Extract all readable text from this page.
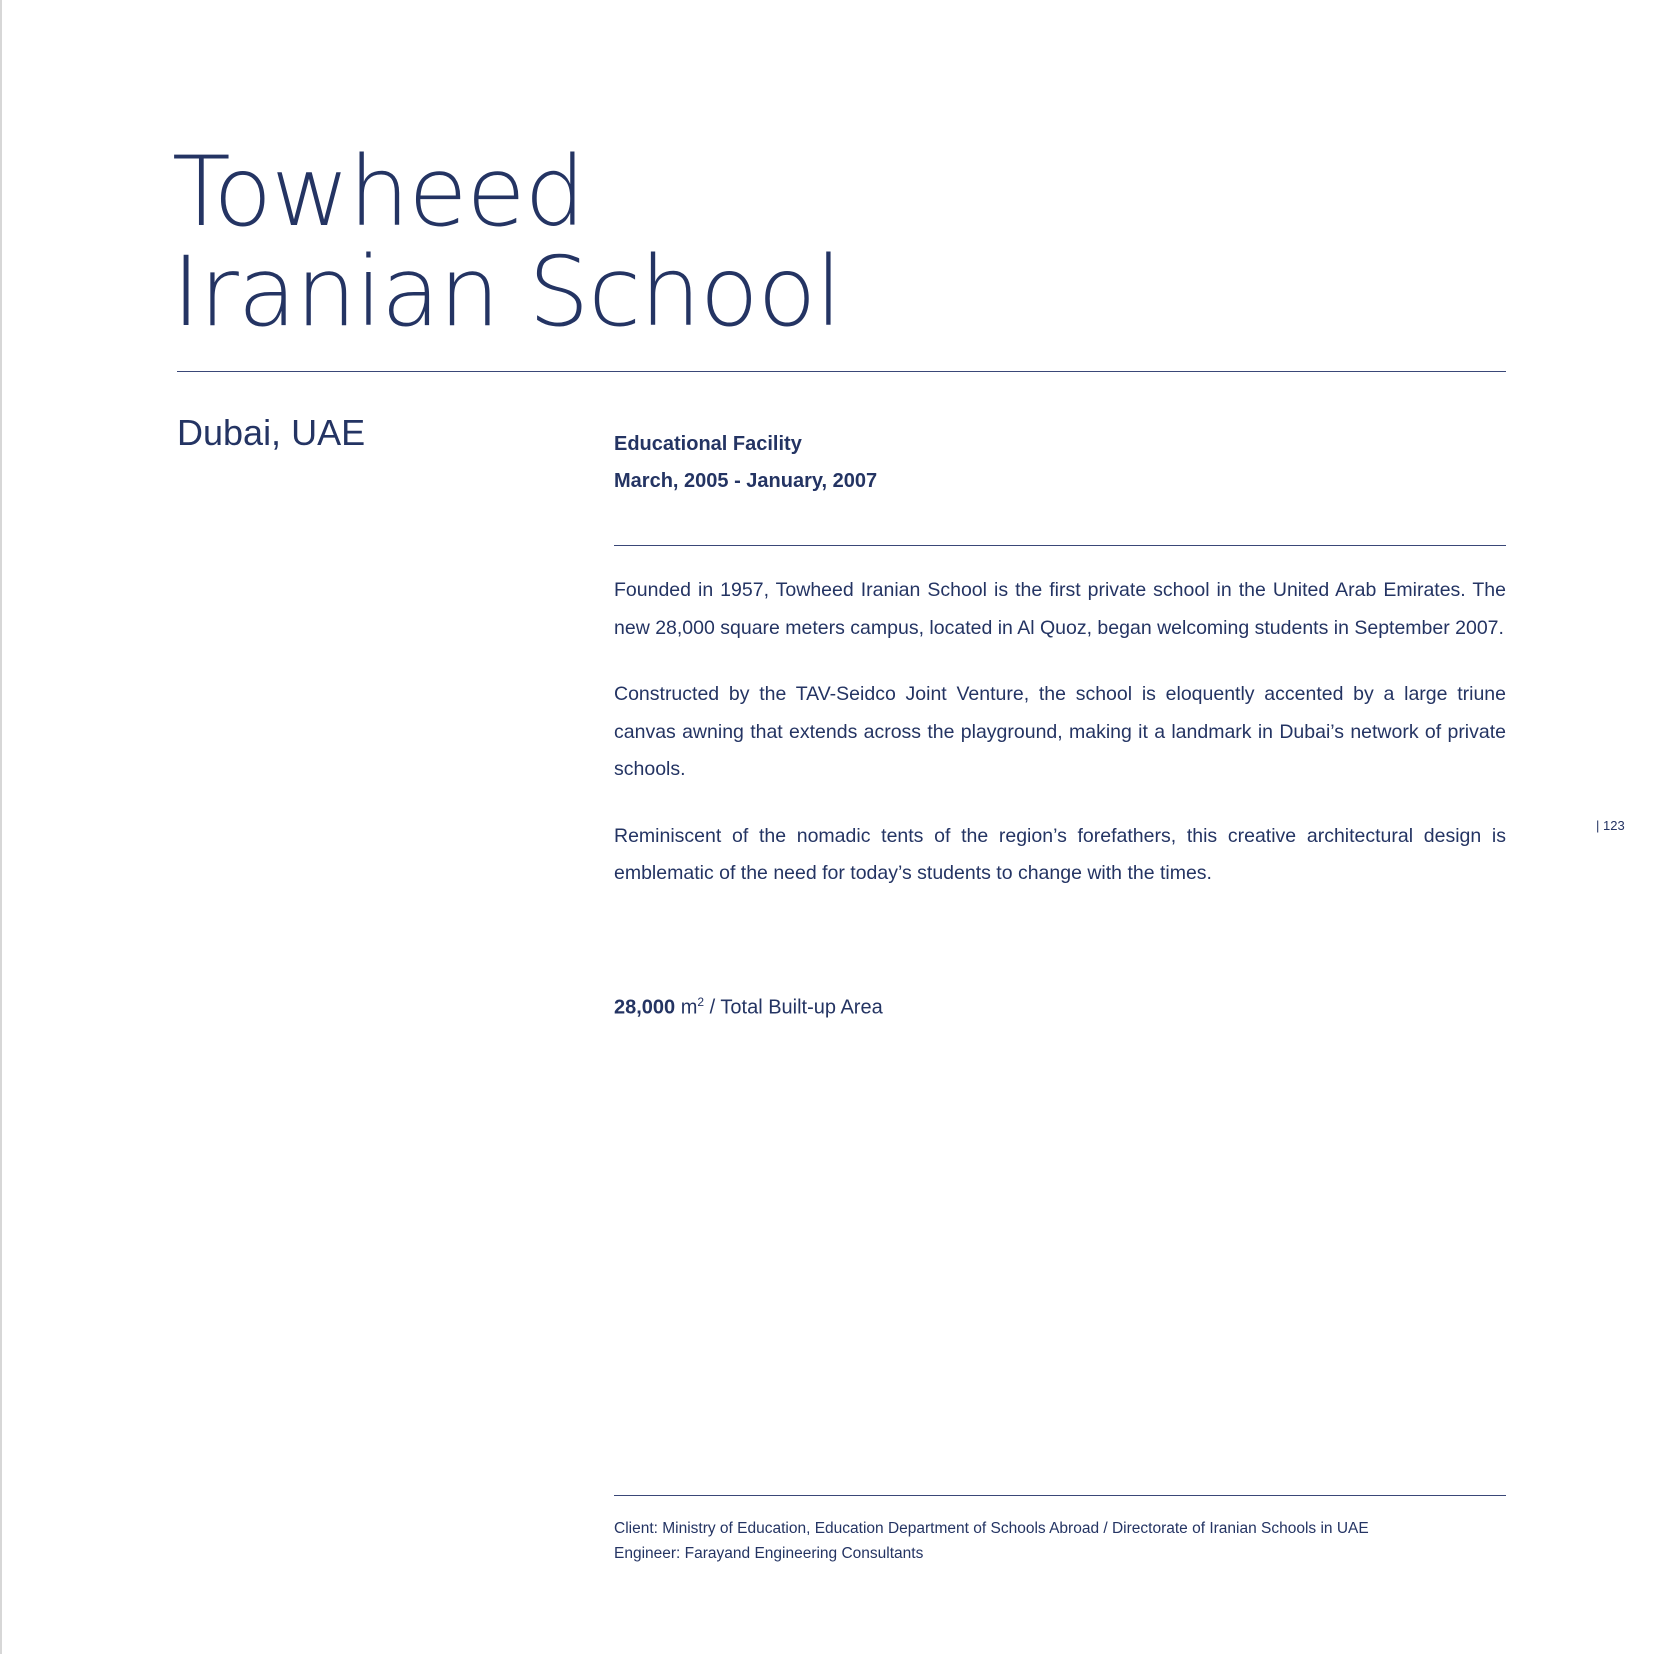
Towheed
Iranian School
Dubai, UAE	Educational Facility
March, 2005 - January, 2007

Founded in 1957, Towheed Iranian School is the first private school in the United Arab Emirates. The new 28,000 square meters campus, located in Al Quoz, began welcoming students in September 2007.

Constructed by the TAV-Seidco Joint Venture, the school is eloquently accented by a large triune canvas awning that extends across the playground, making it a landmark in Dubai’s network of private schools.

Reminiscent of the nomadic tents of the region’s forefathers, this creative architectural design is emblematic of the need for today’s students to change with the times.

28,000 $m^2$ / Total Built-up Area
Client: Ministry of Education, Education Department of Schools Abroad / Directorate of Iranian Schools in UAE
Engineer: Farayand Engineering Consultants
| 123
